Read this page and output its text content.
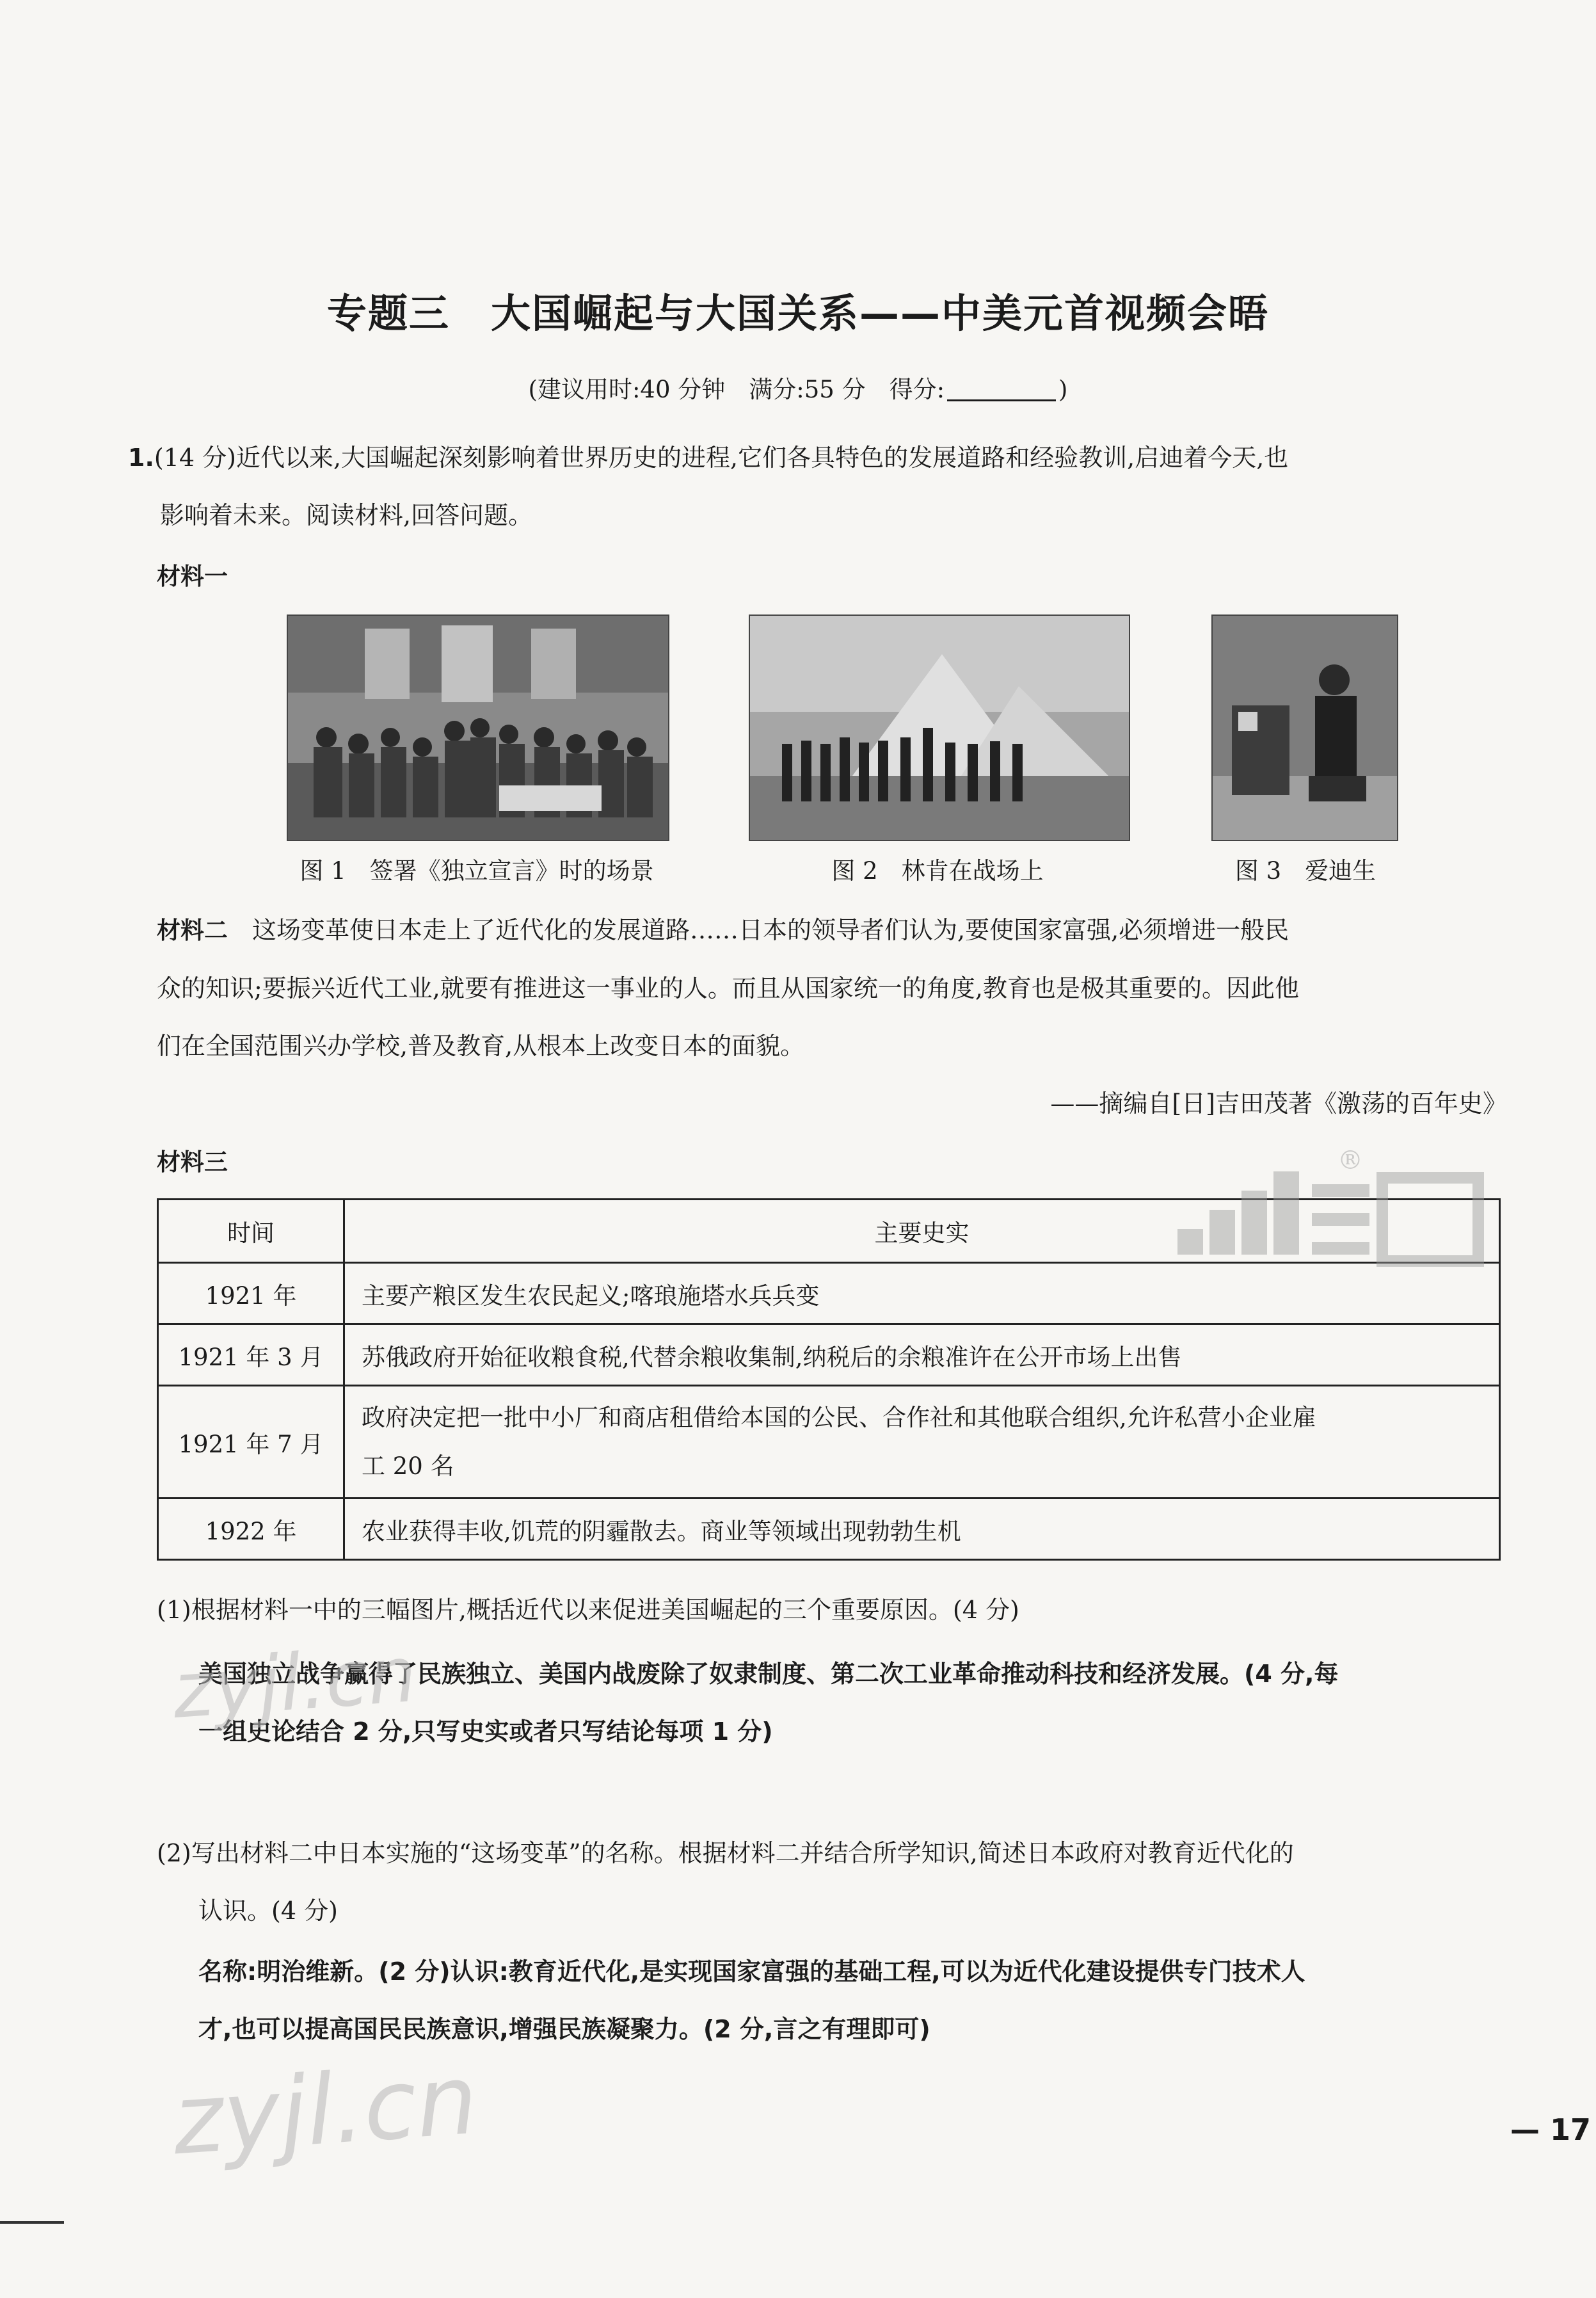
专题三　大国崛起与大国关系——中美元首视频会晤
(建议用时:40 分钟　满分:55 分　得分:	)
1.(14 分)近代以来,大国崛起深刻影响着世界历史的进程,它们各具特色的发展道路和经验教训,启迪着今天,也
影响着未来。阅读材料,回答问题。
材料一
图 1　签署《独立宣言》时的场景	图 2　林肯在战场上	图 3　爱迪生
材料二　 这场变革使日本走上了近代化的发展道路……日本的领导者们认为,要使国家富强,必须增进一般民
众的知识;要振兴近代工业,就要有推进这一事业的人。而且从国家统一的角度,教育也是极其重要的。因此他
们在全国范围兴办学校,普及教育,从根本上改变日本的面貌。
——摘编自[日]吉田茂著《激荡的百年史》
材料三
时间	主要史实
1921 年	主要产粮区发生农民起义;喀琅施塔水兵兵变
1921 年 3 月	苏俄政府开始征收粮食税,代替余粮收集制,纳税后的余粮准许在公开市场上出售
1921 年 7 月	政府决定把一批中小厂和商店租借给本国的公民、合作社和其他联合组织,允许私营小企业雇
工 20 名

1922 年	农业获得丰收,饥荒的阴霾散去。商业等领域出现勃勃生机
(1)根据材料一中的三幅图片,概括近代以来促进美国崛起的三个重要原因。(4 分)
美国独立战争赢得了民族独立、美国内战废除了奴隶制度、第二次工业革命推动科技和经济发展。(4 分,每
一组史论结合 2 分,只写史实或者只写结论每项 1 分)
(2)写出材料二中日本实施的“这场变革”的名称。根据材料二并结合所学知识,简述日本政府对教育近代化的
认识。(4 分)
名称:明治维新。(2 分)认识:教育近代化,是实现国家富强的基础工程,可以为近代化建设提供专门技术人
才,也可以提高国民民族意识,增强民族凝聚力。(2 分,言之有理即可)
®
zyjl.cn
zyjl.cn	— 17
